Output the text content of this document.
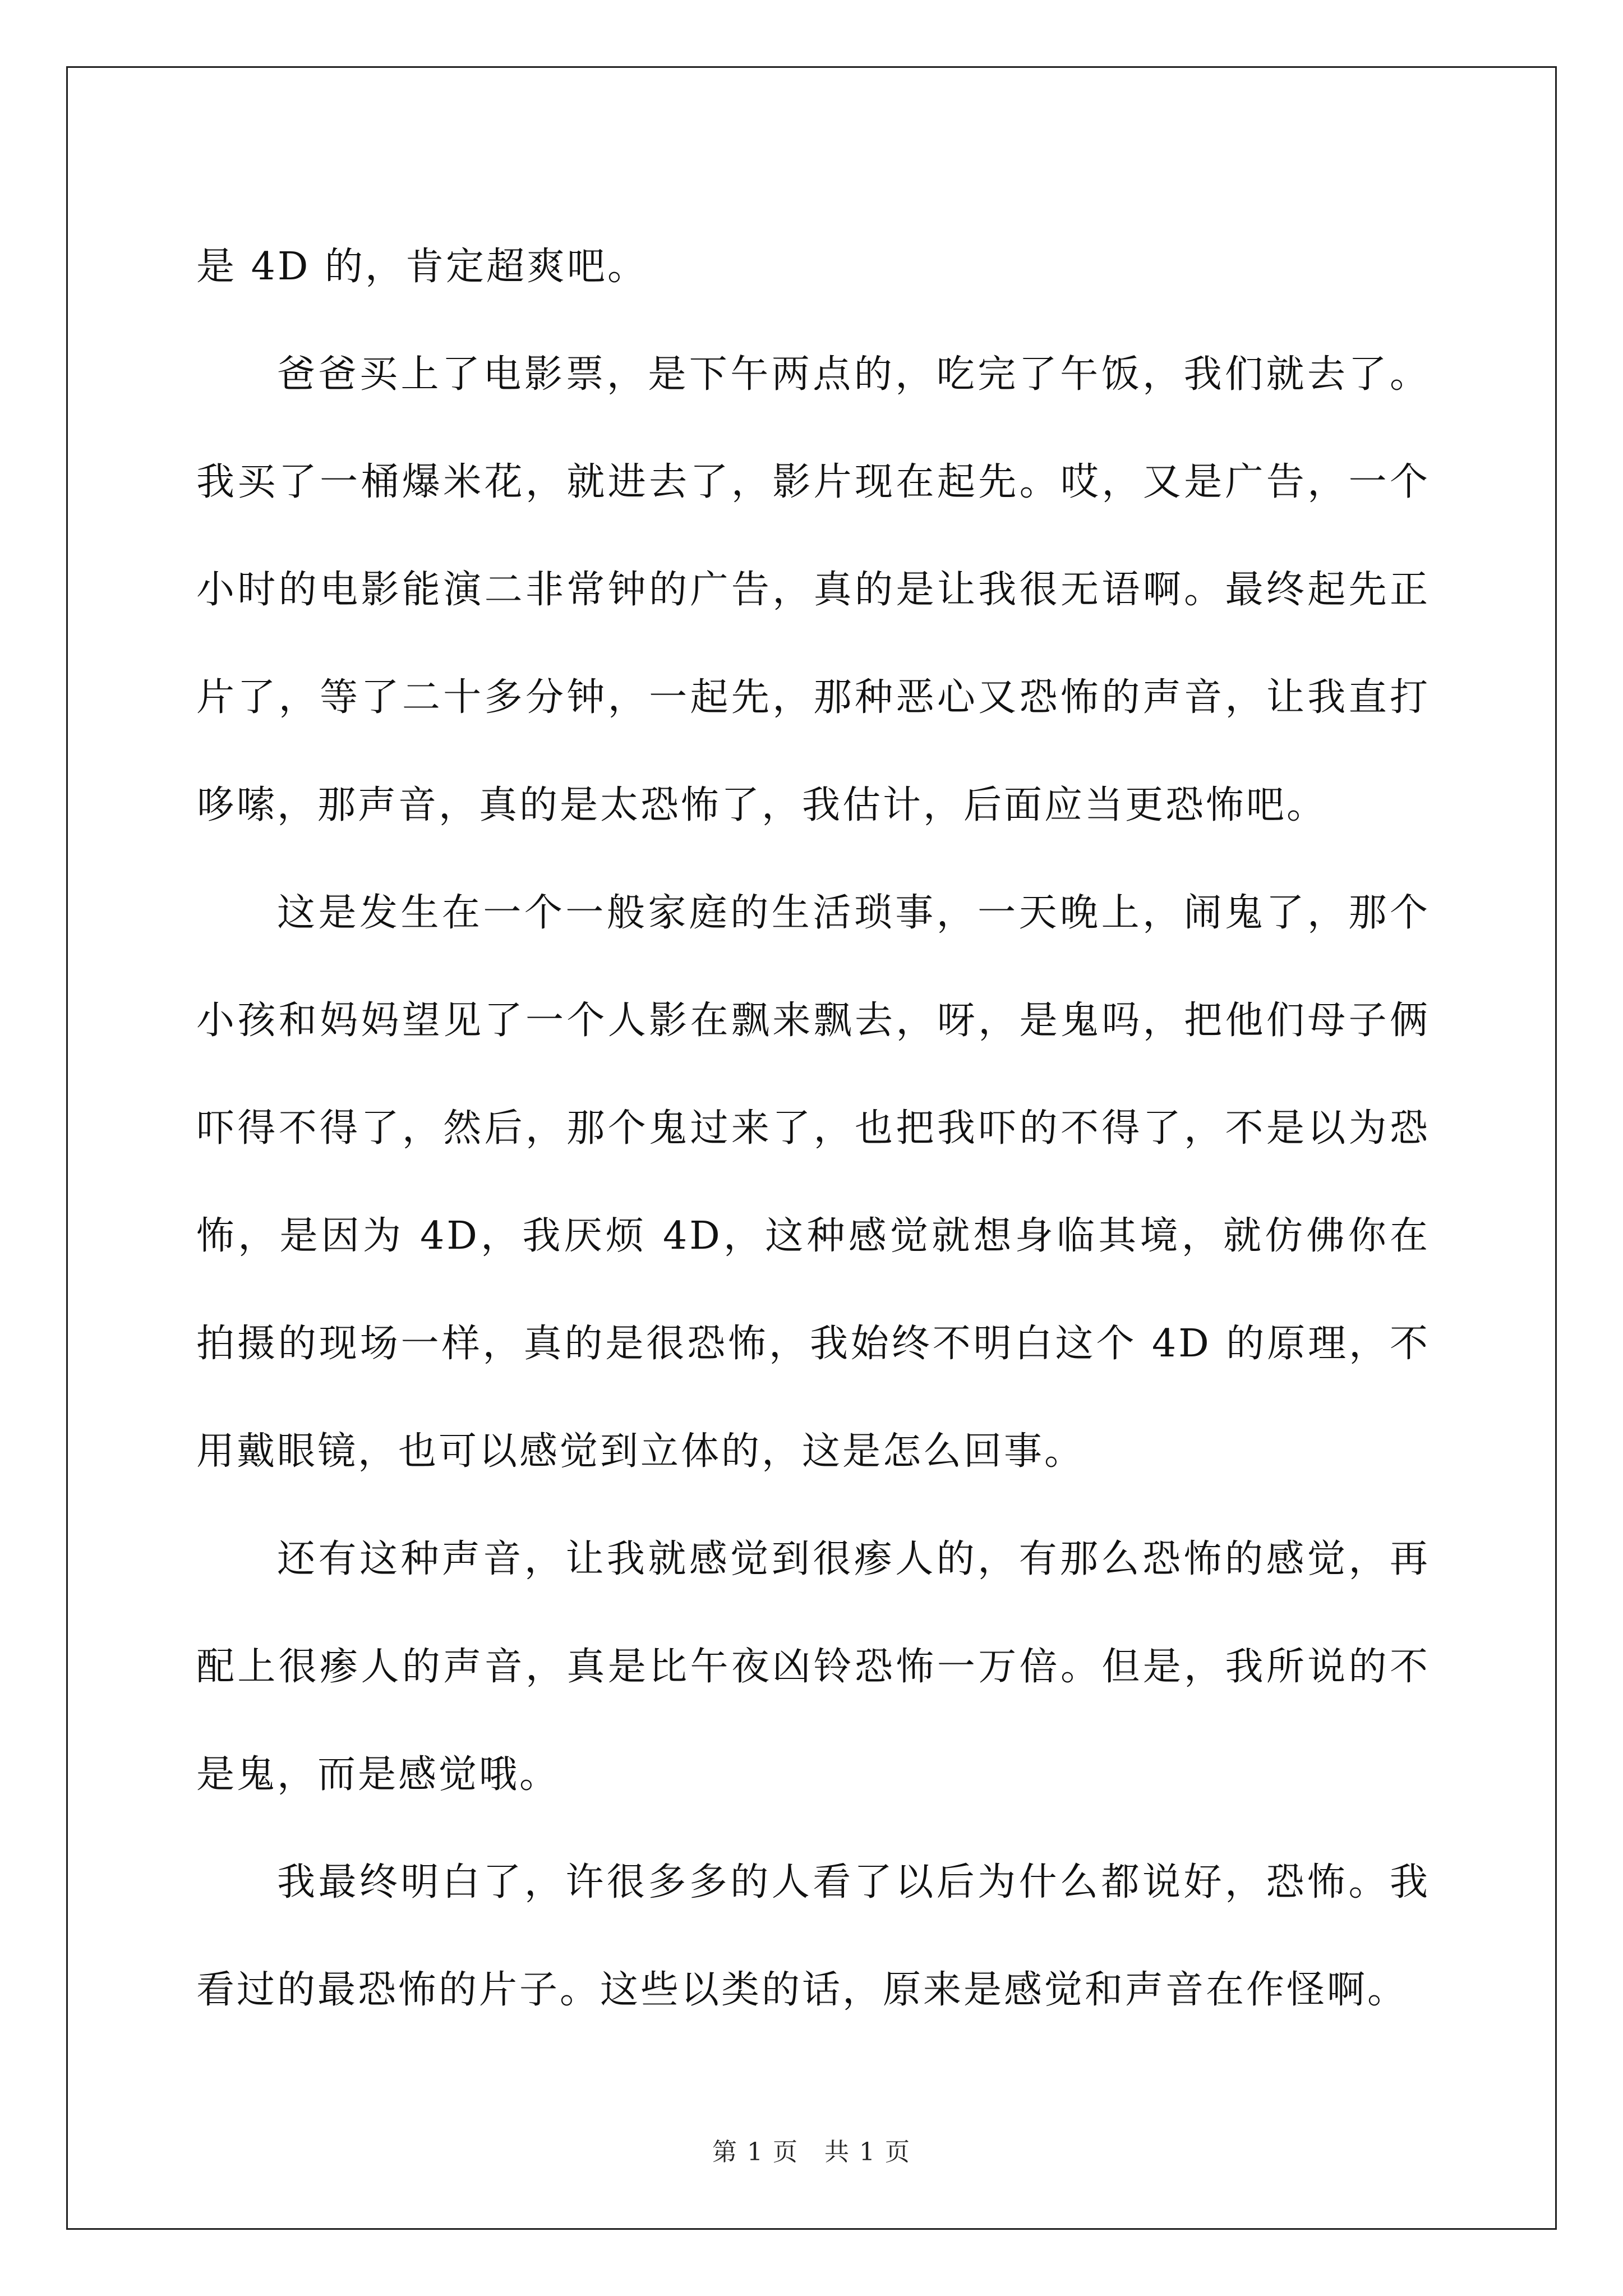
是 4D 的，肯定超爽吧。

爸爸买上了电影票，是下午两点的，吃完了午饭，我们就去了。我买了一桶爆米花，就进去了，影片现在起先。哎，又是广告，一个小时的电影能演二非常钟的广告，真的是让我很无语啊。最终起先正片了，等了二十多分钟，一起先，那种恶心又恐怖的声音，让我直打哆嗦，那声音，真的是太恐怖了，我估计，后面应当更恐怖吧。

这是发生在一个一般家庭的生活琐事，一天晚上，闹鬼了，那个小孩和妈妈望见了一个人影在飘来飘去，呀，是鬼吗，把他们母子俩吓得不得了，然后，那个鬼过来了，也把我吓的不得了，不是以为恐怖，是因为 4D，我厌烦 4D，这种感觉就想身临其境，就仿佛你在拍摄的现场一样，真的是很恐怖，我始终不明白这个 4D 的原理，不用戴眼镜，也可以感觉到立体的，这是怎么回事。

还有这种声音，让我就感觉到很瘆人的，有那么恐怖的感觉，再配上很瘆人的声音，真是比午夜凶铃恐怖一万倍。但是，我所说的不是鬼，而是感觉哦。

我最终明白了，许很多多的人看了以后为什么都说好，恐怖。我看过的最恐怖的片子。这些以类的话，原来是感觉和声音在作怪啊。

第 1 页　共 1 页
